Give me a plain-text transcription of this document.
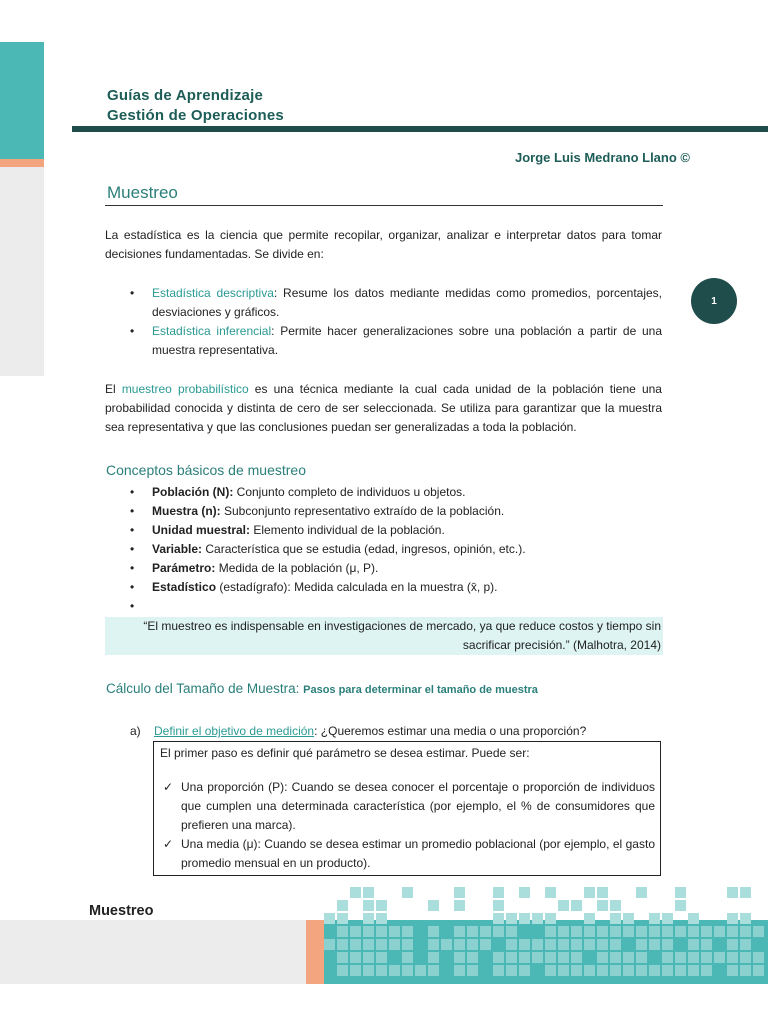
Guías de Aprendizaje
Gestión de Operaciones
Jorge Luis Medrano Llano ©
Muestreo
La estadística es la ciencia que permite recopilar, organizar, analizar e interpretar datos para tomar decisiones fundamentadas. Se divide en:
• Estadística descriptiva: Resume los datos mediante medidas como promedios, porcentajes, desviaciones y gráficos.
• Estadística inferencial: Permite hacer generalizaciones sobre una población a partir de una muestra representativa.
1
El muestreo probabilístico es una técnica mediante la cual cada unidad de la población tiene una probabilidad conocida y distinta de cero de ser seleccionada. Se utiliza para garantizar que la muestra sea representativa y que las conclusiones puedan ser generalizadas a toda la población.
Conceptos básicos de muestreo
• Población (N): Conjunto completo de individuos u objetos.
• Muestra (n): Subconjunto representativo extraído de la población.
• Unidad muestral: Elemento individual de la población.
• Variable: Característica que se estudia (edad, ingresos, opinión, etc.).
• Parámetro: Medida de la población (μ, P).
• Estadístico (estadígrafo): Medida calculada en la muestra (x̄, p).
•
“El muestreo es indispensable en investigaciones de mercado, ya que reduce costos y tiempo sin
sacrificar precisión.” (Malhotra, 2014)
Cálculo del Tamaño de Muestra: Pasos para determinar el tamaño de muestra
a) Definir el objetivo de medición: ¿Queremos estimar una media o una proporción?
El primer paso es definir qué parámetro se desea estimar. Puede ser:
✓ Una proporción (P): Cuando se desea conocer el porcentaje o proporción de individuos que cumplen una determinada característica (por ejemplo, el % de consumidores que prefieren una marca).
✓ Una media (μ): Cuando se desea estimar un promedio poblacional (por ejemplo, el gasto promedio mensual en un producto).
Muestreo
